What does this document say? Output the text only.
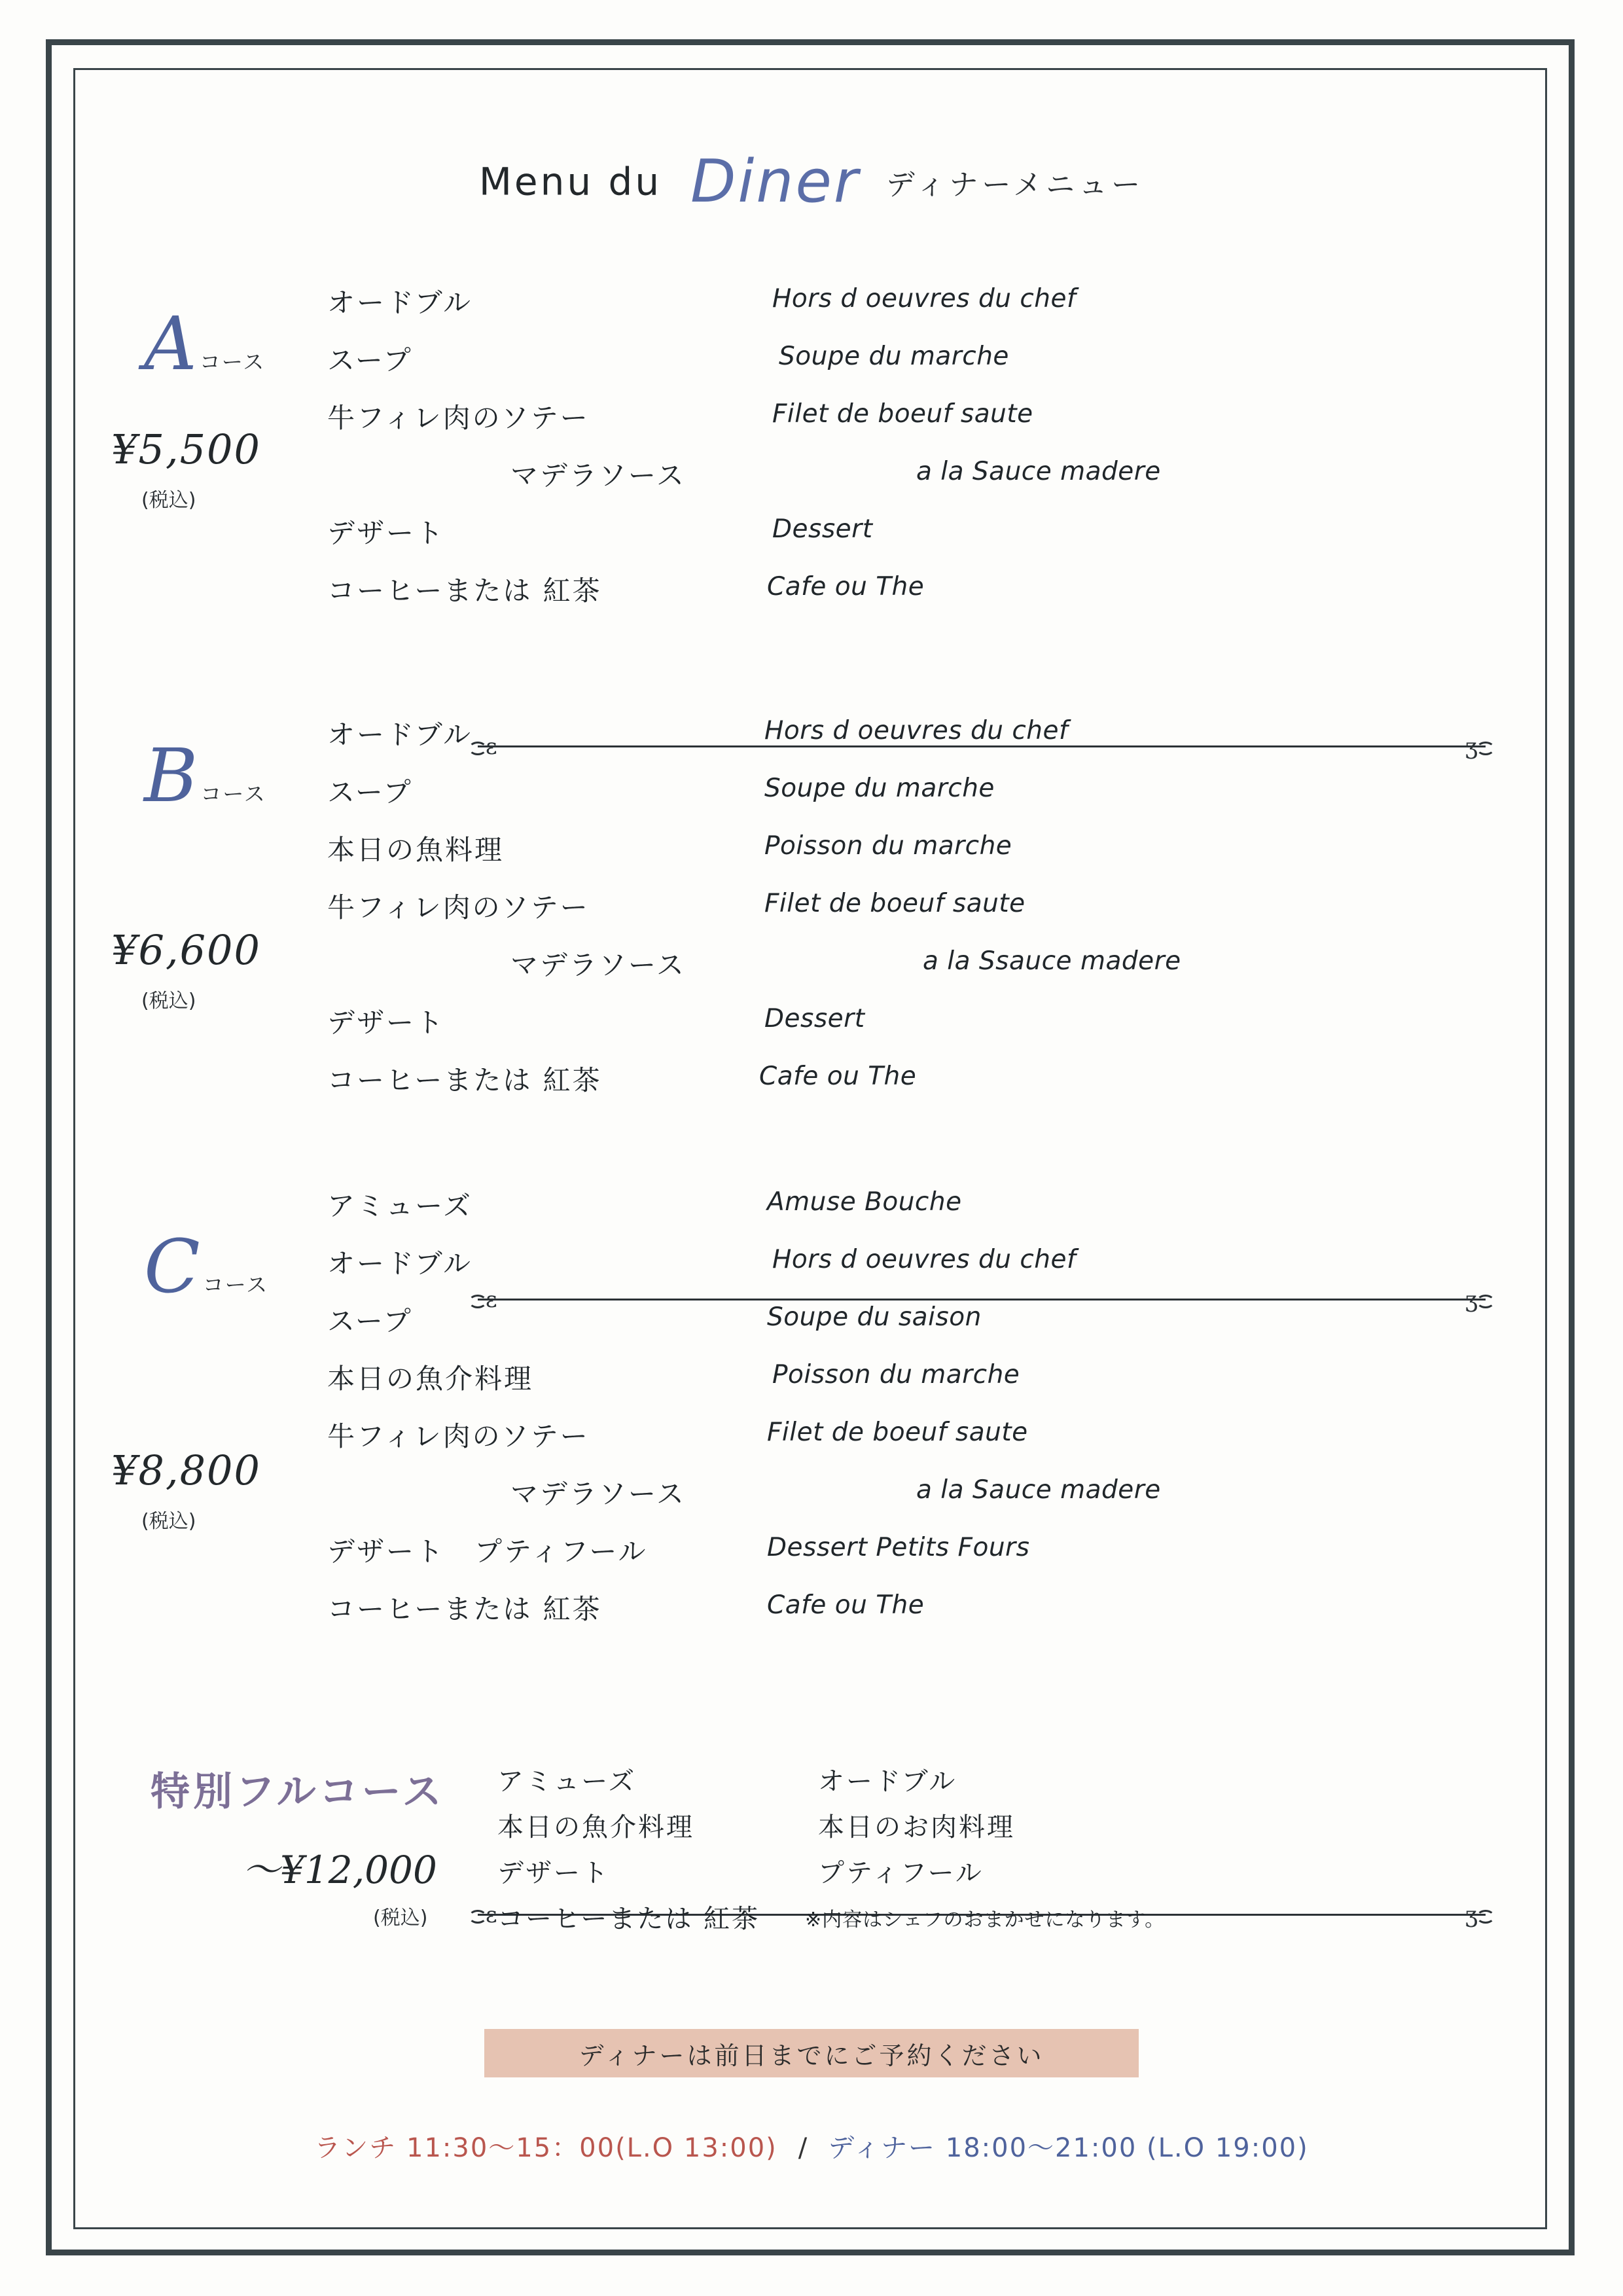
Menu du Diner ディナーメニュー
Aコース
¥5,500
(税込)
オードブル	Hors d oeuvres du chef
スープ	Soupe du marche
牛フィレ肉のソテー	Filet de boeuf saute
マデラソース	a la Sauce madere
デザート	Dessert
コーヒーまたは 紅茶	Cafe ou The
ε	ʒ
Bコース
¥6,600
(税込)
オードブル	Hors d oeuvres du chef
スープ	Soupe du marche
本日の魚料理	Poisson du marche
牛フィレ肉のソテー	Filet de boeuf saute
マデラソース	a la Ssauce madere
デザート	Dessert
コーヒーまたは 紅茶	Cafe ou The
ε	ʒ
Cコース
¥8,800
(税込)
アミューズ	Amuse Bouche
オードブル	Hors d oeuvres du chef
スープ	Soupe du saison
本日の魚介料理	Poisson du marche
牛フィレ肉のソテー	Filet de boeuf saute
マデラソース	a la Sauce madere
デザート　プティフール	Dessert Petits Fours
コーヒーまたは 紅茶	Cafe ou The
ε	ʒ
特別フルコース
〜¥12,000
(税込)
アミューズ	オードブル
本日の魚介料理	本日のお肉料理
デザート	プティフール
コーヒーまたは 紅茶 ※内容はシェフのおまかせになります。
ディナーは前日までにご予約ください
ランチ 11:30〜15：00(L.O 13:00) / ディナー 18:00〜21:00 (L.O 19:00)
